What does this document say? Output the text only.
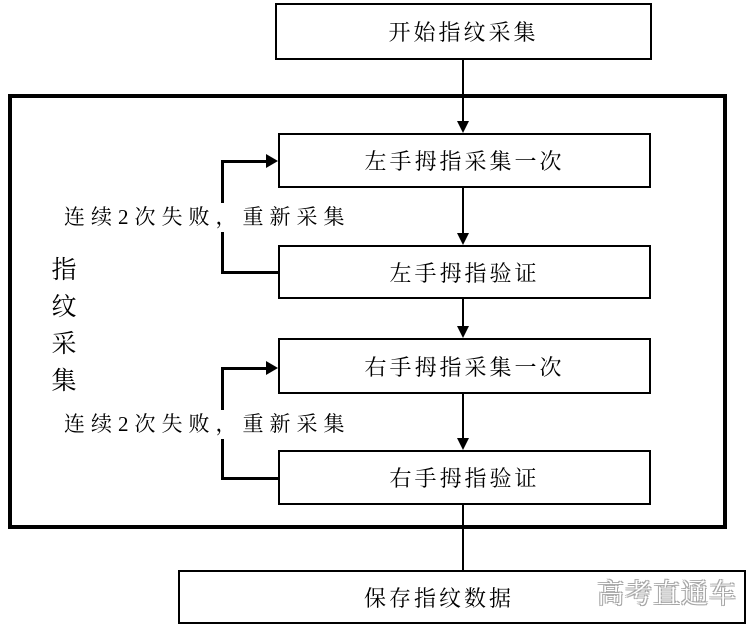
开始指纹采集
指纹采集
左手拇指采集一次
左手拇指验证
连续2次失败，重新采集
右手拇指采集一次
右手拇指验证
连续2次失败，重新采集
保存指纹数据	高考直通车
